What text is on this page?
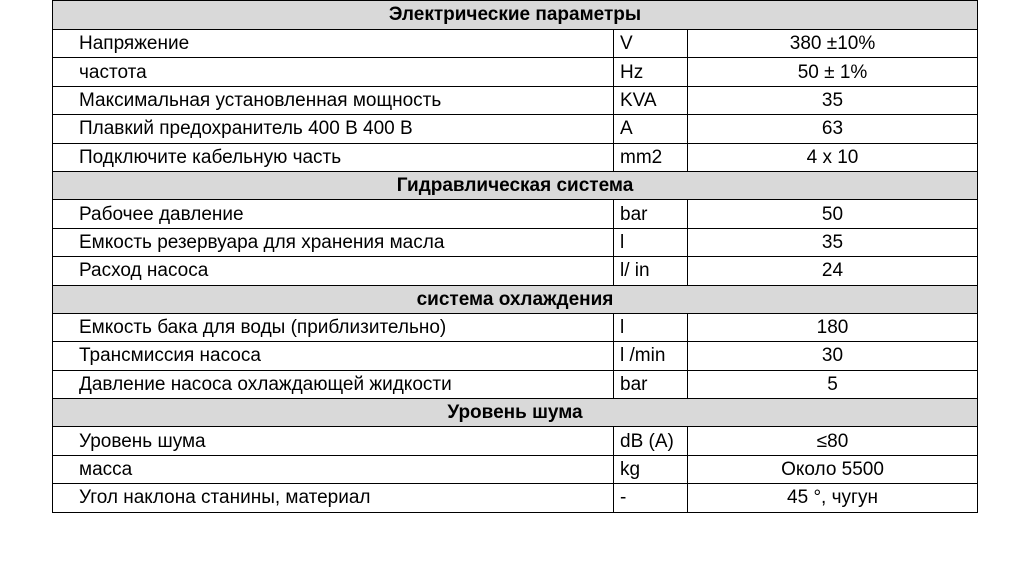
Электрические параметры		
Напряжение	V	380 ±10%
частота	Hz	50 ± 1%
Максимальная установленная мощность	KVA	35
Плавкий предохранитель 400 В 400 В	A	63
Подключите кабельную часть	mm2	4 x 10
Гидравлическая система		
Рабочее давление	bar	50
Емкость резервуара для хранения масла	l	35
Расход насоса	l/ in	24
система охлаждения		
Емкость бака для воды (приблизительно)	l	180
Трансмиссия насоса	l /min	30
Давление насоса охлаждающей жидкости	bar	5
Уровень шума		
Уровень шума	dB (A)	≤80
масса	kg	Около 5500
Угол наклона станины, материал	-	45 °, чугун
